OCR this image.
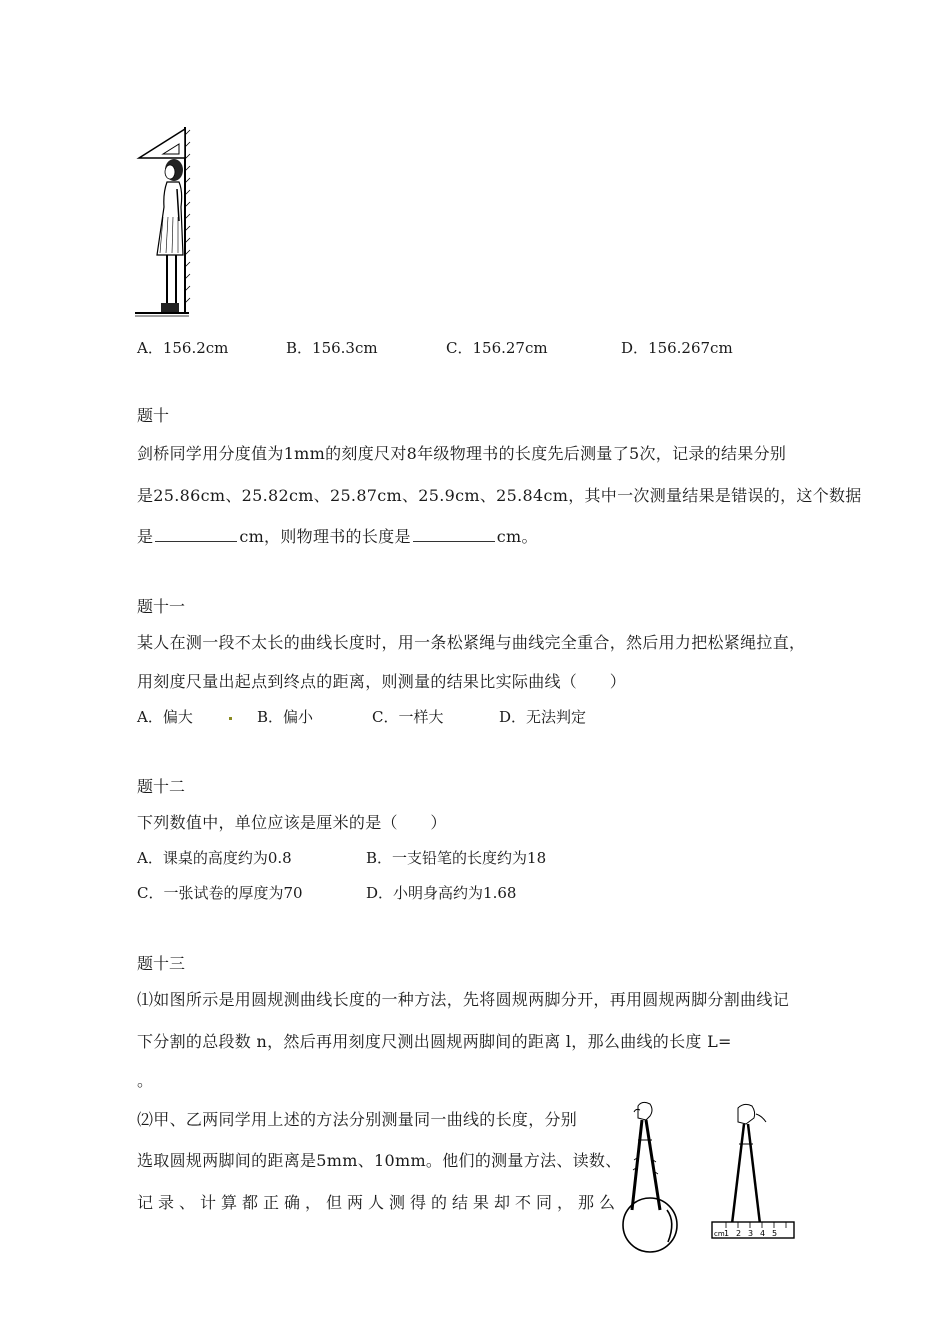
A．156.2cm	B．156.3cm	C．156.27cm	D．156.267cm
题十
剑桥同学用分度值为1mm的刻度尺对8年级物理书的长度先后测量了5次，记录的结果分别
是25.86cm、25.82cm、25.87cm、25.9cm、25.84cm，其中一次测量结果是错误的，这个数据
是	cm，则物理书的长度是	cm。
题十一
某人在测一段不太长的曲线长度时，用一条松紧绳与曲线完全重合，然后用力把松紧绳拉直，
用刻度尺量出起点到终点的距离，则测量的结果比实际曲线（　　）
A．偏大	B．偏小	C．一样大	D．无法判定
题十二
下列数值中，单位应该是厘米的是（　　）
A．课桌的高度约为0.8	B．一支铅笔的长度约为18
C．一张试卷的厚度为70	D．小明身高约为1.68
题十三
⑴如图所示是用圆规测曲线长度的一种方法，先将圆规两脚分开，再用圆规两脚分割曲线记
下分割的总段数 n，然后再用刻度尺测出圆规两脚间的距离 l，那么曲线的长度 L=
。
⑵甲、乙两同学用上述的方法分别测量同一曲线的长度，分别
选取圆规两脚间的距离是5mm、10mm。他们的测量方法、读数、
记录、计算都正确，但两人测得的结果却不同，那么
cm 1 2 3 4 5
